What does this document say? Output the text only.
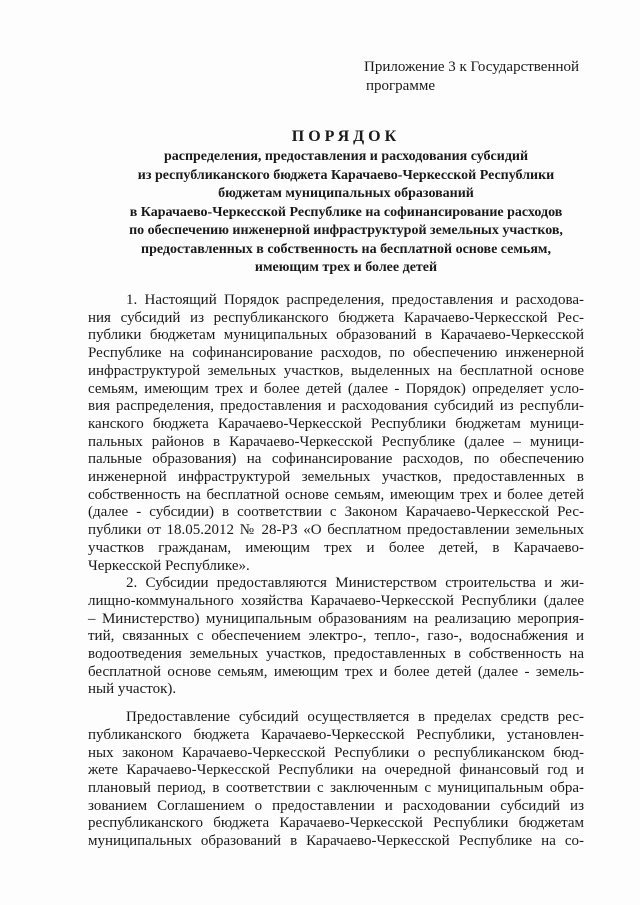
Приложение 3 к Государственной
программе
ПОРЯДОК
распределения, предоставления и расходования субсидий
из республиканского бюджета Карачаево-Черкесской Республики
бюджетам муниципальных образований
в Карачаево-Черкесской Республике на софинансирование расходов
по обеспечению инженерной инфраструктурой земельных участков,
предоставленных в собственность на бесплатной основе семьям,
имеющим трех и более детей
1. Настоящий Порядок распределения, предоставления и расходова-
ния субсидий из республиканского бюджета Карачаево-Черкесской Рес-
публики бюджетам муниципальных образований в Карачаево-Черкесской
Республике на софинансирование расходов, по обеспечению инженерной
инфраструктурой земельных участков, выделенных на бесплатной основе
семьям, имеющим трех и более детей (далее - Порядок) определяет усло-
вия распределения, предоставления и расходования субсидий из республи-
канского бюджета Карачаево-Черкесской Республики бюджетам муници-
пальных районов в Карачаево-Черкесской Республике (далее – муници-
пальные образования) на софинансирование расходов, по обеспечению
инженерной инфраструктурой земельных участков, предоставленных в
собственность на бесплатной основе семьям, имеющим трех и более детей
(далее - субсидии) в соответствии с Законом Карачаево-Черкесской Рес-
публики от 18.05.2012 № 28-РЗ «О бесплатном предоставлении земельных
участков гражданам, имеющим трех и более детей, в Карачаево-
Черкесской Республике».
2. Субсидии предоставляются Министерством строительства и жи-
лищно-коммунального хозяйства Карачаево-Черкесской Республики (далее
– Министерство) муниципальным образованиям на реализацию мероприя-
тий, связанных с обеспечением электро-, тепло-, газо-, водоснабжения и
водоотведения земельных участков, предоставленных в собственность на
бесплатной основе семьям, имеющим трех и более детей (далее - земель-
ный участок).
Предоставление субсидий осуществляется в пределах средств рес-
публиканского бюджета Карачаево-Черкесской Республики, установлен-
ных законом Карачаево-Черкесской Республики о республиканском бюд-
жете Карачаево-Черкесской Республики на очередной финансовый год и
плановый период, в соответствии с заключенным с муниципальным обра-
зованием Соглашением о предоставлении и расходовании субсидий из
республиканского бюджета Карачаево-Черкесской Республики бюджетам
муниципальных образований в Карачаево-Черкесской Республике на со-
